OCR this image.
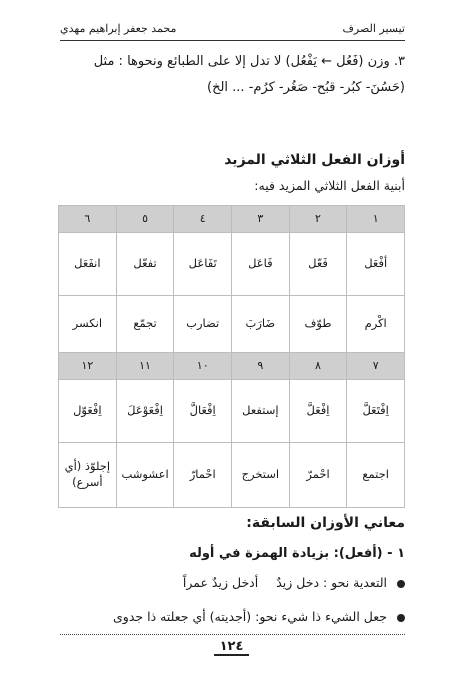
تيسير الصرف
محمد جعفر إبراهيم مهدي
٣. وزن (فَعُل ← يَفْعُل) لا تدل إلا على الطبائع ونحوها : مثل
(حَسُنَ- كبُر- قبُح- صَغُر- كرُم- ... الخ)
أوزان الفعل الثلاثي المزيد
أبنية الفعل الثلاثي المزيد فيه:
١	٢	٣	٤	٥	٦
أفْعَل	فَعّل	فَاعَل	تَفَاعَل	تفعّل	انفَعَل
اكْرم	طوّف	ضَارَبَ	تضارب	تجمّع	انكسر
٧	٨	٩	١٠	١١	١٢
اِفْتَعَلَّ	اِفْعَلَّ	إستفعل	اِفْعَالَّ	اِفْعَوْعَلَ	اِفْعَوّل
اجتمع	احْمرّ	استخرج	احْمارّ	اعشوشب	إجلوّذ (أي أسرع)
معاني الأوزان السابقة:
١ - (أفعل): بزيادة الهمزة في أوله
التعدية نحو : دخل زيدٌأدخل زيدٌ عمراً
جعل الشيء ذا شيء نحو: (أجديته) أي جعلته ذا جدوى
١٢٤
